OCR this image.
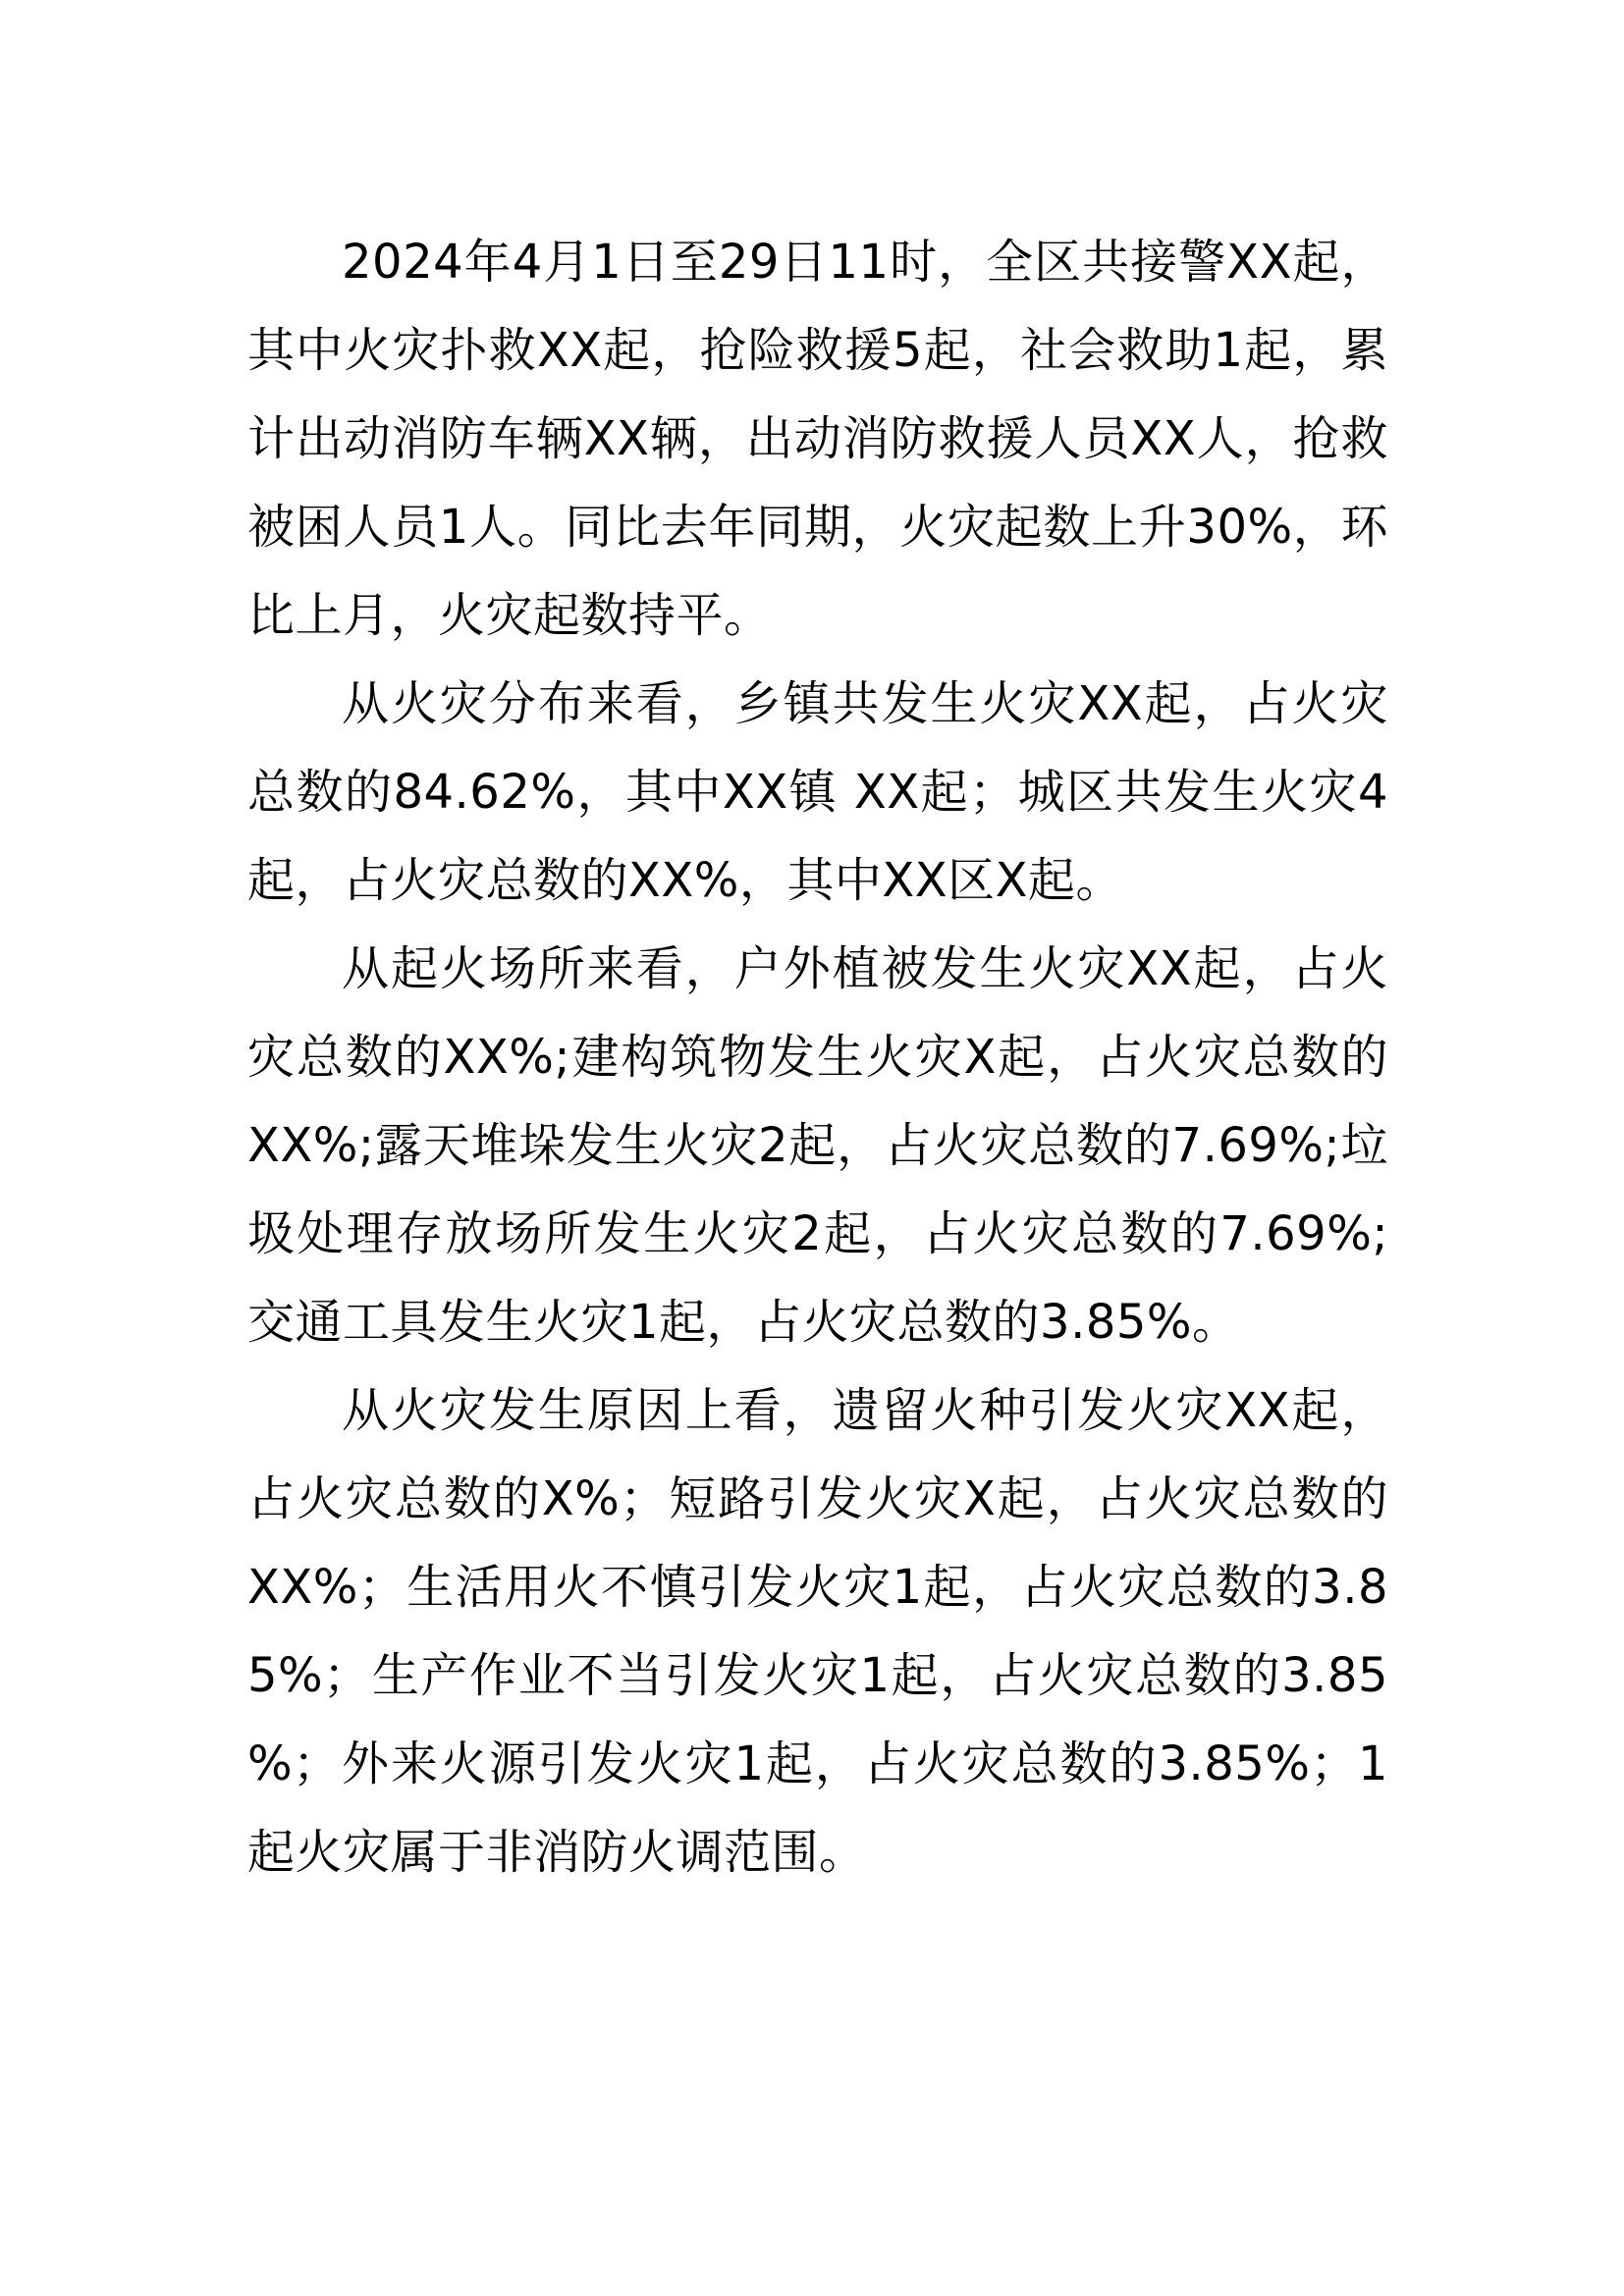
2024年4月1日至29日11时，全区共接警XX起，其中火灾扑救XX起，抢险救援5起，社会救助1起，累计出动消防车辆XX辆，出动消防救援人员XX人，抢救被困人员1人。同比去年同期，火灾起数上升30%，环比上月，火灾起数持平。

从火灾分布来看，乡镇共发生火灾XX起，占火灾总数的84.62%，其中XX镇 XX起；城区共发生火灾4起，占火灾总数的XX%，其中XX区X起。

从起火场所来看，户外植被发生火灾XX起，占火灾总数的XX%;建构筑物发生火灾X起，占火灾总数的XX%;露天堆垛发生火灾2起，占火灾总数的7.69%;垃圾处理存放场所发生火灾2起，占火灾总数的7.69%;交通工具发生火灾1起，占火灾总数的3.85%。

从火灾发生原因上看，遗留火种引发火灾XX起，占火灾总数的X%；短路引发火灾X起，占火灾总数的XX%；生活用火不慎引发火灾1起，占火灾总数的3.85%；生产作业不当引发火灾1起，占火灾总数的3.85%；外来火源引发火灾1起，占火灾总数的3.85%；1起火灾属于非消防火调范围。
